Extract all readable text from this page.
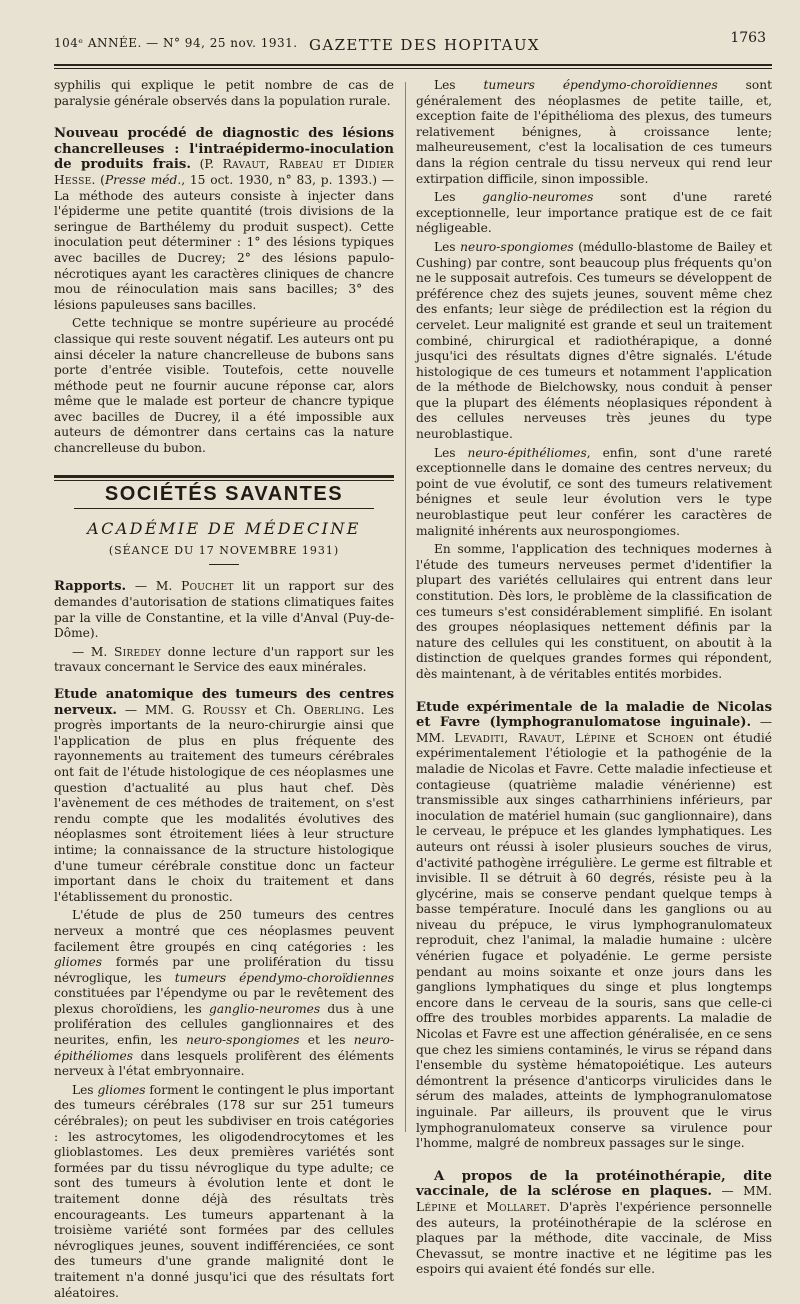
104ᵉ ANNÉE. — N° 94, 25 nov. 1931. GAZETTE DES HOPITAUX	1763

syphilis qui explique le petit nombre de cas de paralysie générale observés dans la population rurale.

Nouveau procédé de diagnostic des lésions chancrelleuses : l'intraépidermo-inoculation de produits frais. (P. Ravaut, Rabeau et Didier Hesse. (Presse méd., 15 oct. 1930, n° 83, p. 1393.) — La méthode des auteurs consiste à injecter dans l'épiderme une petite quantité (trois divisions de la seringue de Barthélemy du produit suspect). Cette inoculation peut déterminer : 1° des lésions typiques avec bacilles de Ducrey; 2° des lésions papulo-nécrotiques ayant les caractères cliniques de chancre mou de réinoculation mais sans bacilles; 3° des lésions papuleuses sans bacilles.

Cette technique se montre supérieure au procédé classique qui reste souvent négatif. Les auteurs ont pu ainsi déceler la nature chancrelleuse de bubons sans porte d'entrée visible. Toutefois, cette nouvelle méthode peut ne fournir aucune réponse car, alors même que le malade est porteur de chancre typique avec bacilles de Ducrey, il a été impossible aux auteurs de démontrer dans certains cas la nature chancrelleuse du bubon.

SOCIÉTÉS SAVANTES
ACADÉMIE DE MÉDECINE
(SÉANCE DU 17 NOVEMBRE 1931)

Rapports. — M. Pouchet lit un rapport sur des demandes d'autorisation de stations climatiques faites par la ville de Constantine, et la ville d'Anval (Puy-de-Dôme).

— M. Siredey donne lecture d'un rapport sur les travaux concernant le Service des eaux minérales.

Etude anatomique des tumeurs des centres nerveux. — MM. G. Roussy et Ch. Oberling. Les progrès importants de la neuro-chirurgie ainsi que l'application de plus en plus fréquente des rayonnements au traitement des tumeurs cérébrales ont fait de l'étude histologique de ces néoplasmes une question d'actualité au plus haut chef. Dès l'avènement de ces méthodes de traitement, on s'est rendu compte que les modalités évolutives des néoplasmes sont étroitement liées à leur structure intime; la connaissance de la structure histologique d'une tumeur cérébrale constitue donc un facteur important dans le choix du traitement et dans l'établissement du pronostic.

L'étude de plus de 250 tumeurs des centres nerveux a montré que ces néoplasmes peuvent facilement être groupés en cinq catégories : les gliomes formés par une prolifération du tissu névroglique, les tumeurs épendymo-choroïdiennes constituées par l'épendyme ou par le revêtement des plexus choroïdiens, les ganglio-neuromes dus à une prolifération des cellules ganglionnaires et des neurites, enfin, les neuro-spongiomes et les neuro-épithéliomes dans lesquels prolifèrent des éléments nerveux à l'état embryonnaire.

Les gliomes forment le contingent le plus important des tumeurs cérébrales (178 sur sur 251 tumeurs cérébrales); on peut les subdiviser en trois catégories : les astrocytomes, les oligodendrocytomes et les glioblastomes. Les deux premières variétés sont formées par du tissu névroglique du type adulte; ce sont des tumeurs à évolution lente et dont le traitement donne déjà des résultats très encourageants. Les tumeurs appartenant à la troisième variété sont formées par des cellules névrogliques jeunes, souvent indifférenciées, ce sont des tumeurs d'une grande malignité dont le traitement n'a donné jusqu'ici que des résultats fort aléatoires.

Les tumeurs épendymo-choroïdiennes sont généralement des néoplasmes de petite taille, et, exception faite de l'épithélioma des plexus, des tumeurs relativement bénignes, à croissance lente; malheureusement, c'est la localisation de ces tumeurs dans la région centrale du tissu nerveux qui rend leur extirpation difficile, sinon impossible.

Les ganglio-neuromes sont d'une rareté exceptionnelle, leur importance pratique est de ce fait négligeable.

Les neuro-spongiomes (médullo-blastome de Bailey et Cushing) par contre, sont beaucoup plus fréquents qu'on ne le supposait autrefois. Ces tumeurs se développent de préférence chez des sujets jeunes, souvent même chez des enfants; leur siège de prédilection est la région du cervelet. Leur malignité est grande et seul un traitement combiné, chirurgical et radiothérapique, a donné jusqu'ici des résultats dignes d'être signalés. L'étude histologique de ces tumeurs et notamment l'application de la méthode de Bielchowsky, nous conduit à penser que la plupart des éléments néoplasiques répondent à des cellules nerveuses très jeunes du type neuroblastique.

Les neuro-épithéliomes, enfin, sont d'une rareté exceptionnelle dans le domaine des centres nerveux; du point de vue évolutif, ce sont des tumeurs relativement bénignes et seule leur évolution vers le type neuroblastique peut leur conférer les caractères de malignité inhérents aux neurospongiomes.

En somme, l'application des techniques modernes à l'étude des tumeurs nerveuses permet d'identifier la plupart des variétés cellulaires qui entrent dans leur constitution. Dès lors, le problème de la classification de ces tumeurs s'est considérablement simplifié. En isolant des groupes néoplasiques nettement définis par la nature des cellules qui les constituent, on aboutit à la distinction de quelques grandes formes qui répondent, dès maintenant, à de véritables entités morbides.

Etude expérimentale de la maladie de Nicolas et Favre (lymphogranulomatose inguinale). — MM. Levaditi, Ravaut, Lépine et Schoen ont étudié expérimentalement l'étiologie et la pathogénie de la maladie de Nicolas et Favre. Cette maladie infectieuse et contagieuse (quatrième maladie vénérienne) est transmissible aux singes catharrhiniens inférieurs, par inoculation de matériel humain (suc ganglionnaire), dans le cerveau, le prépuce et les glandes lymphatiques. Les auteurs ont réussi à isoler plusieurs souches de virus, d'activité pathogène irrégulière. Le germe est filtrable et invisible. Il se détruit à 60 degrés, résiste peu à la glycérine, mais se conserve pendant quelque temps à basse température. Inoculé dans les ganglions ou au niveau du prépuce, le virus lymphogranulomateux reproduit, chez l'animal, la maladie humaine : ulcère vénérien fugace et polyadénie. Le germe persiste pendant au moins soixante et onze jours dans les ganglions lymphatiques du singe et plus longtemps encore dans le cerveau de la souris, sans que celle-ci offre des troubles morbides apparents. La maladie de Nicolas et Favre est une affection généralisée, en ce sens que chez les simiens contaminés, le virus se répand dans l'ensemble du système hématopoiétique. Les auteurs démontrent la présence d'anticorps virulicides dans le sérum des malades, atteints de lymphogranulomatose inguinale. Par ailleurs, ils prouvent que le virus lymphogranulomateux conserve sa virulence pour l'homme, malgré de nombreux passages sur le singe.

A propos de la protéinothérapie, dite vaccinale, de la sclérose en plaques. — MM. Lépine et Mollaret. D'après l'expérience personnelle des auteurs, la protéinothérapie de la sclérose en plaques par la méthode, dite vaccinale, de Miss Chevassut, se montre inactive et ne légitime pas les espoirs qui avaient été fondés sur elle.
